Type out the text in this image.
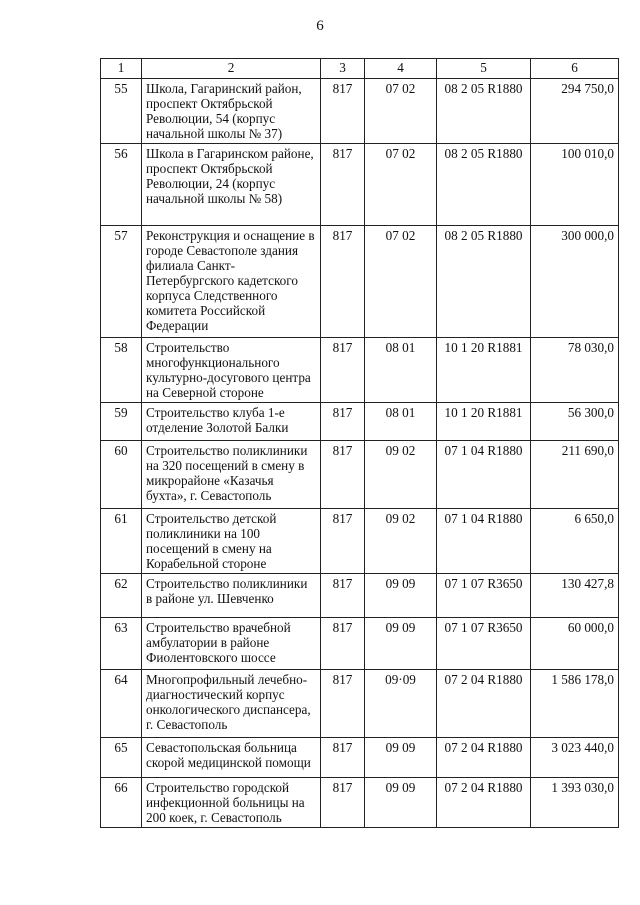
6
1	2	3	4	5	6
55	Школа, Гагаринский район, проспект Октябрьской Революции, 54 (корпус начальной школы № 37)	817	07 02	08 2 05 R1880	294 750,0
56	Школа в Гагаринском районе, проспект Октябрьской Революции, 24 (корпус начальной школы № 58)	817	07 02	08 2 05 R1880	100 010,0
57	Реконструкция и оснащение в городе Севастополе здания филиала Санкт-Петербургского кадетского корпуса Следственного комитета Российской Федерации	817	07 02	08 2 05 R1880	300 000,0
58	Строительство многофункционального культурно-досугового центра на Северной стороне	817	08 01	10 1 20 R1881	78 030,0
59	Строительство клуба 1-е отделение Золотой Балки	817	08 01	10 1 20 R1881	56 300,0
60	Строительство поликлиники на 320 посещений в смену в микрорайоне «Казачья бухта», г. Севастополь	817	09 02	07 1 04 R1880	211 690,0
61	Строительство детской поликлиники на 100 посещений в смену на Корабельной стороне	817	09 02	07 1 04 R1880	6 650,0
62	Строительство поликлиники в районе ул. Шевченко	817	09 09	07 1 07 R3650	130 427,8
63	Строительство врачебной амбулатории в районе Фиолентовского шоссе	817	09 09	07 1 07 R3650	60 000,0
64	Многопрофильный лечебно-диагностический корпус онкологического диспансера, г. Севастополь	817	09·09	07 2 04 R1880	1 586 178,0
65	Севастопольская больница скорой медицинской помощи	817	09 09	07 2 04 R1880	3 023 440,0
66	Строительство городской инфекционной больницы на 200 коек, г. Севастополь	817	09 09	07 2 04 R1880	1 393 030,0
